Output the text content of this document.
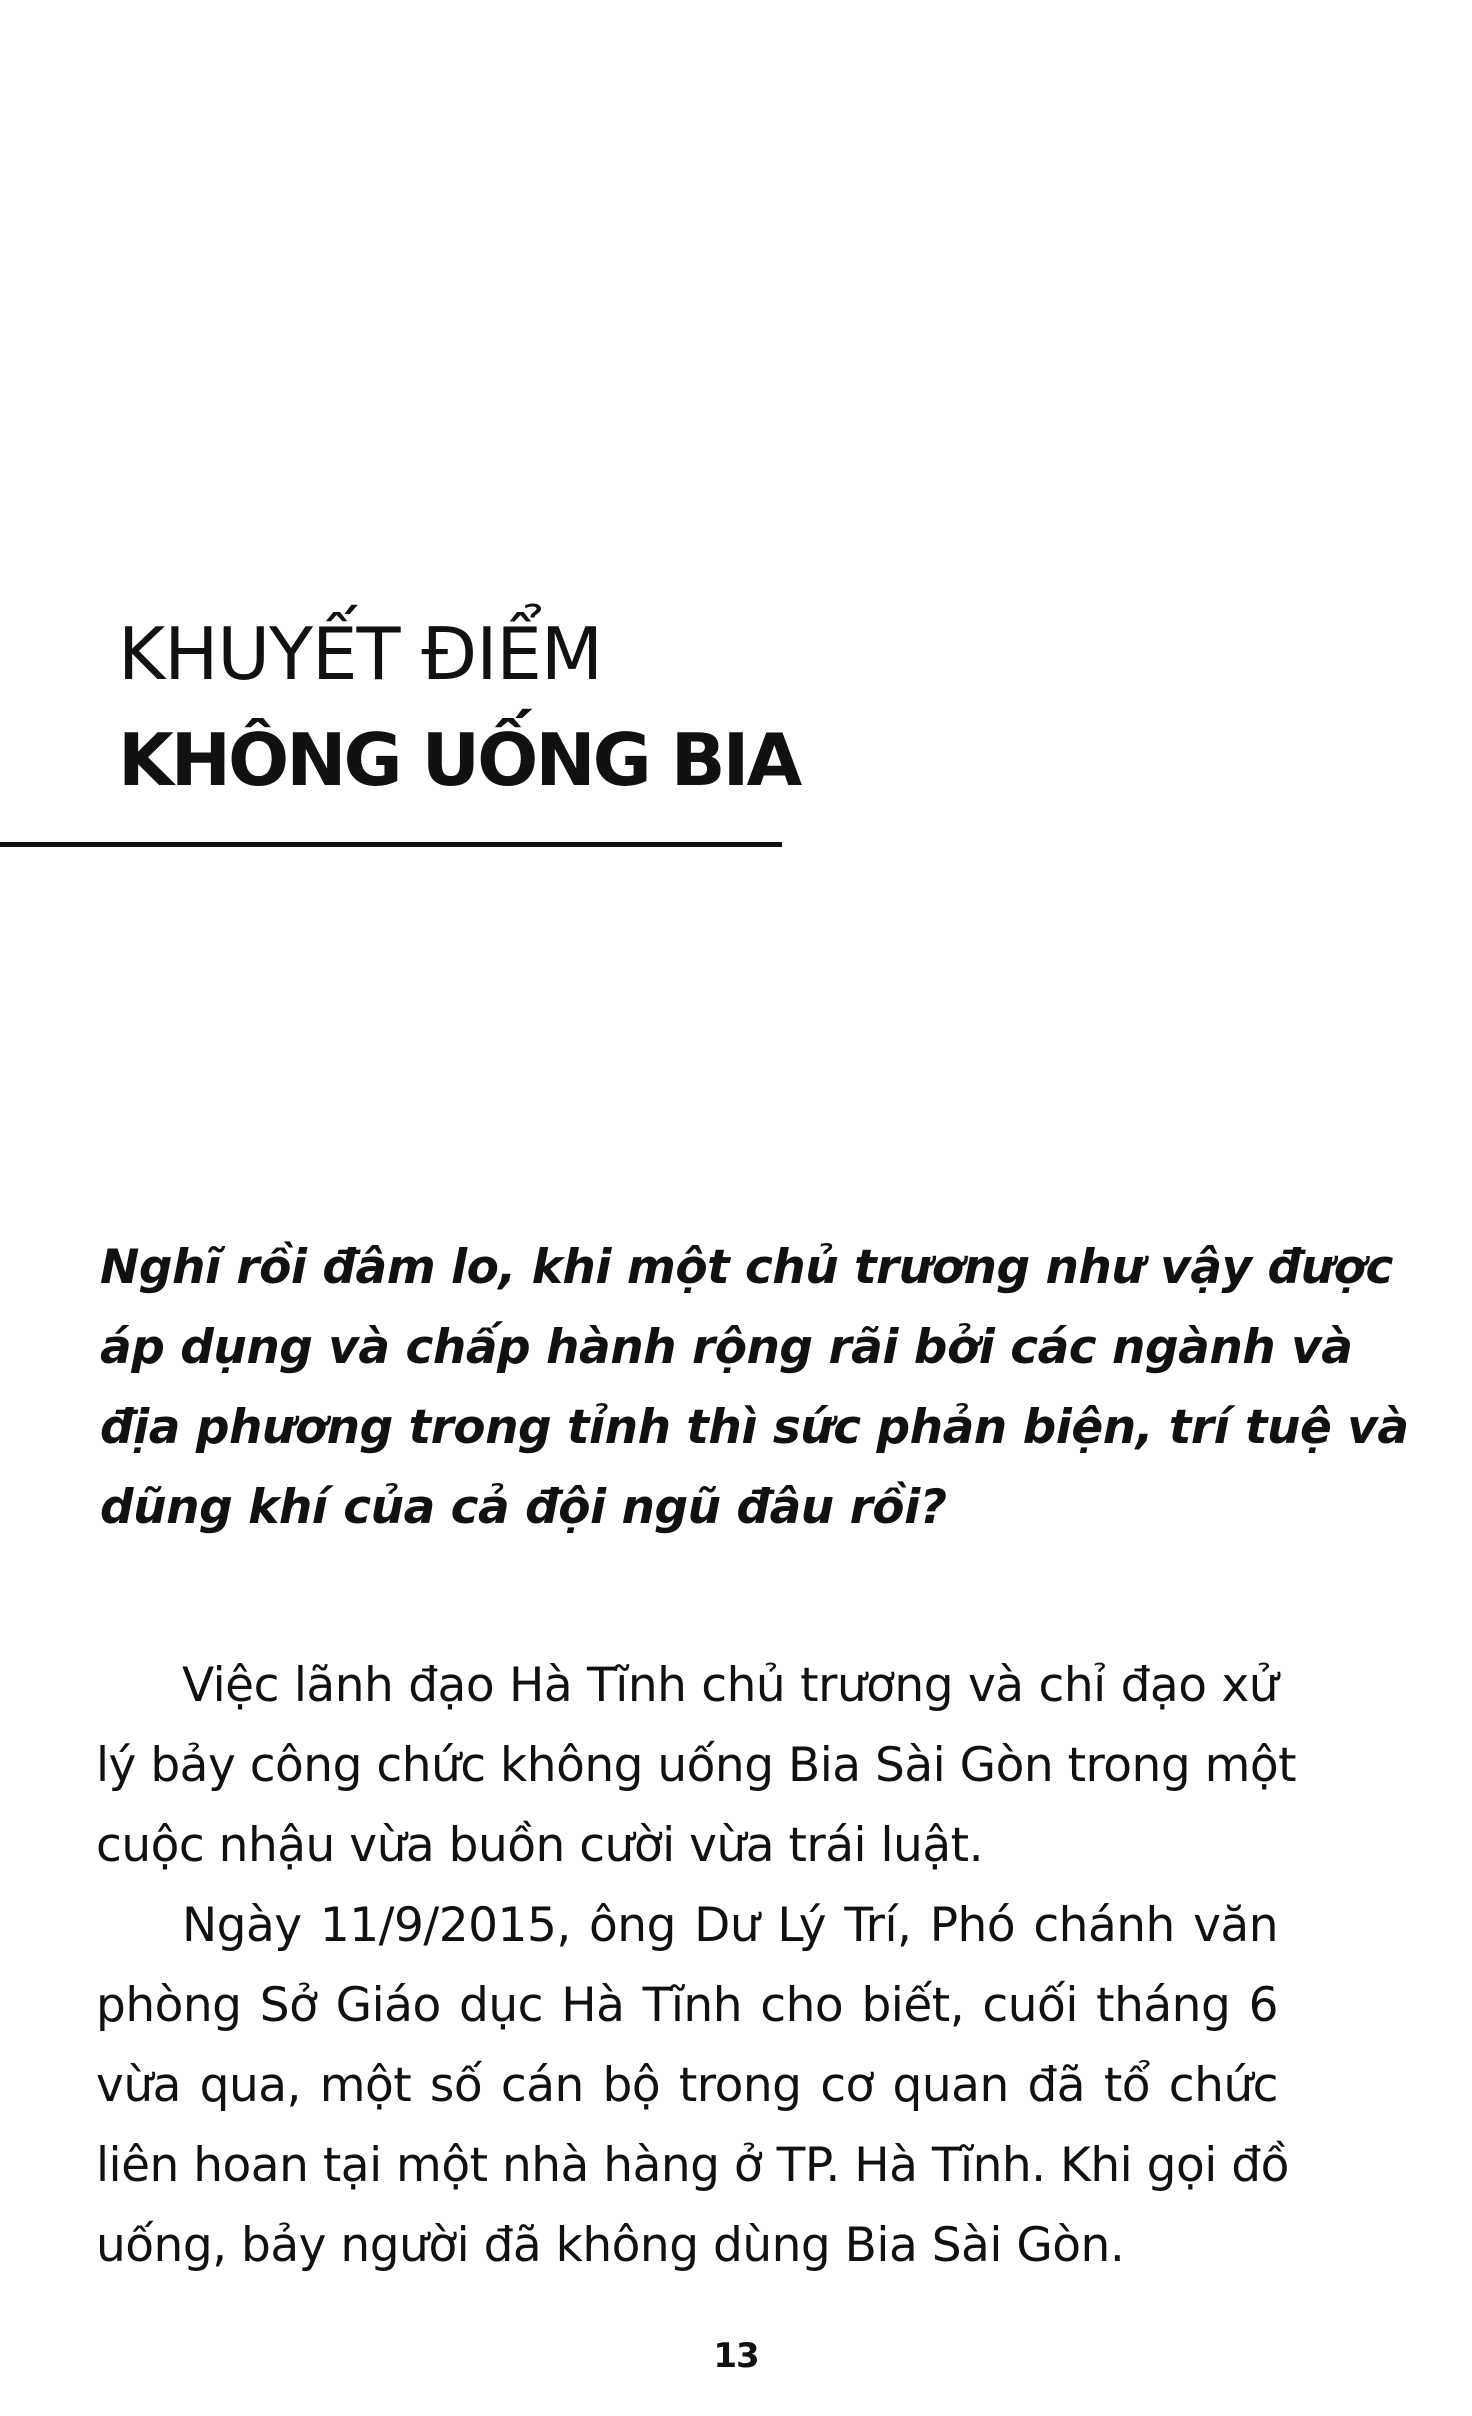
KHUYẾT ĐIỂM
KHÔNG UỐNG BIA

Nghĩ rồi đâm lo, khi một chủ trương như vậy được
áp dụng và chấp hành rộng rãi bởi các ngành và
địa phương trong tỉnh thì sức phản biện, trí tuệ và
dũng khí của cả đội ngũ đâu rồi?

Việc lãnh đạo Hà Tĩnh chủ trương và chỉ đạo xử
lý bảy công chức không uống Bia Sài Gòn trong một
cuộc nhậu vừa buồn cười vừa trái luật.

Ngày 11/9/2015, ông Dư Lý Trí, Phó chánh văn
phòng Sở Giáo dục Hà Tĩnh cho biết, cuối tháng 6
vừa qua, một số cán bộ trong cơ quan đã tổ chức
liên hoan tại một nhà hàng ở TP. Hà Tĩnh. Khi gọi đồ
uống, bảy người đã không dùng Bia Sài Gòn.

13
